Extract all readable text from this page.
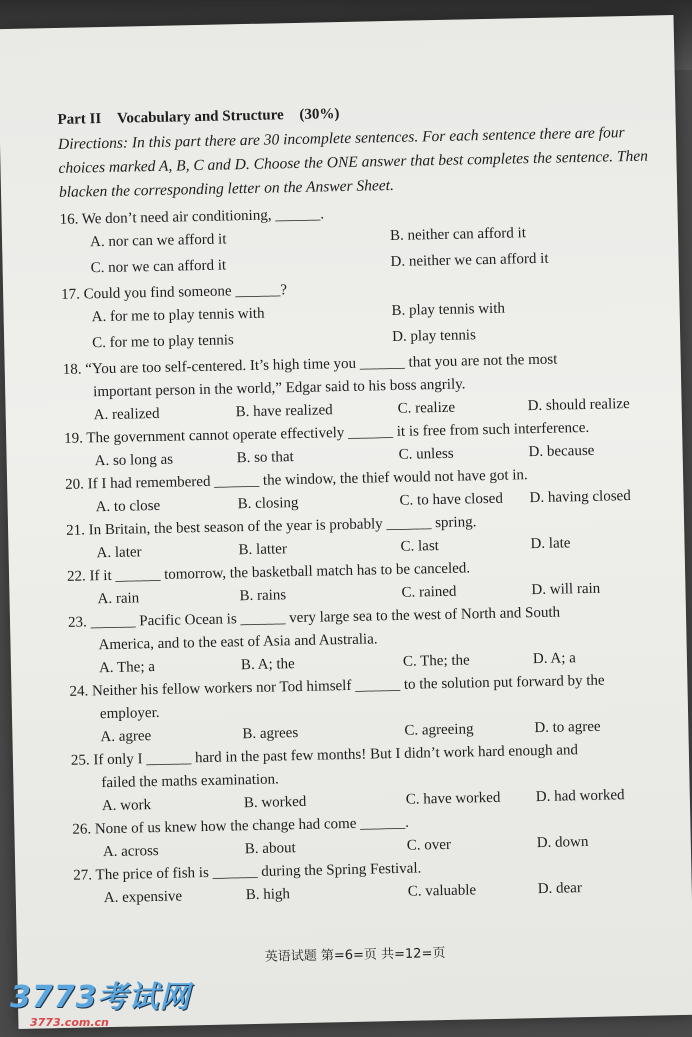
Part II Vocabulary and Structure (30%)
Directions: In this part there are 30 incomplete sentences. For each sentence there are four choices marked A, B, C and D. Choose the ONE answer that best completes the sentence. Then blacken the corresponding letter on the Answer Sheet.
16. We don’t need air conditioning, ______.
A. nor can we afford it	B. neither can afford it
C. nor we can afford it	D. neither we can afford it
17. Could you find someone ______?
A. for me to play tennis with	B. play tennis with
C. for me to play tennis	D. play tennis
18. “You are too self-centered. It’s high time you ______ that you are not the most
important person in the world,” Edgar said to his boss angrily.
A. realized	B. have realized	C. realize	D. should realize
19. The government cannot operate effectively ______ it is free from such interference.
A. so long as	B. so that	C. unless	D. because
20. If I had remembered ______ the window, the thief would not have got in.
A. to close	B. closing	C. to have closed	D. having closed
21. In Britain, the best season of the year is probably ______ spring.
A. later	B. latter	C. last	D. late
22. If it ______ tomorrow, the basketball match has to be canceled.
A. rain	B. rains	C. rained	D. will rain
23. ______ Pacific Ocean is ______ very large sea to the west of North and South
America, and to the east of Asia and Australia.
A. The; a	B. A; the	C. The; the	D. A; a
24. Neither his fellow workers nor Tod himself ______ to the solution put forward by the
employer.
A. agree	B. agrees	C. agreeing	D. to agree
25. If only I ______ hard in the past few months! But I didn’t work hard enough and
failed the maths examination.
A. work	B. worked	C. have worked	D. had worked
26. None of us knew how the change had come ______.
A. across	B. about	C. over	D. down
27. The price of fish is ______ during the Spring Festival.
A. expensive	B. high	C. valuable	D. dear
英语试题 第=6=页 共=12=页
3773考试网
3773.com.cn
